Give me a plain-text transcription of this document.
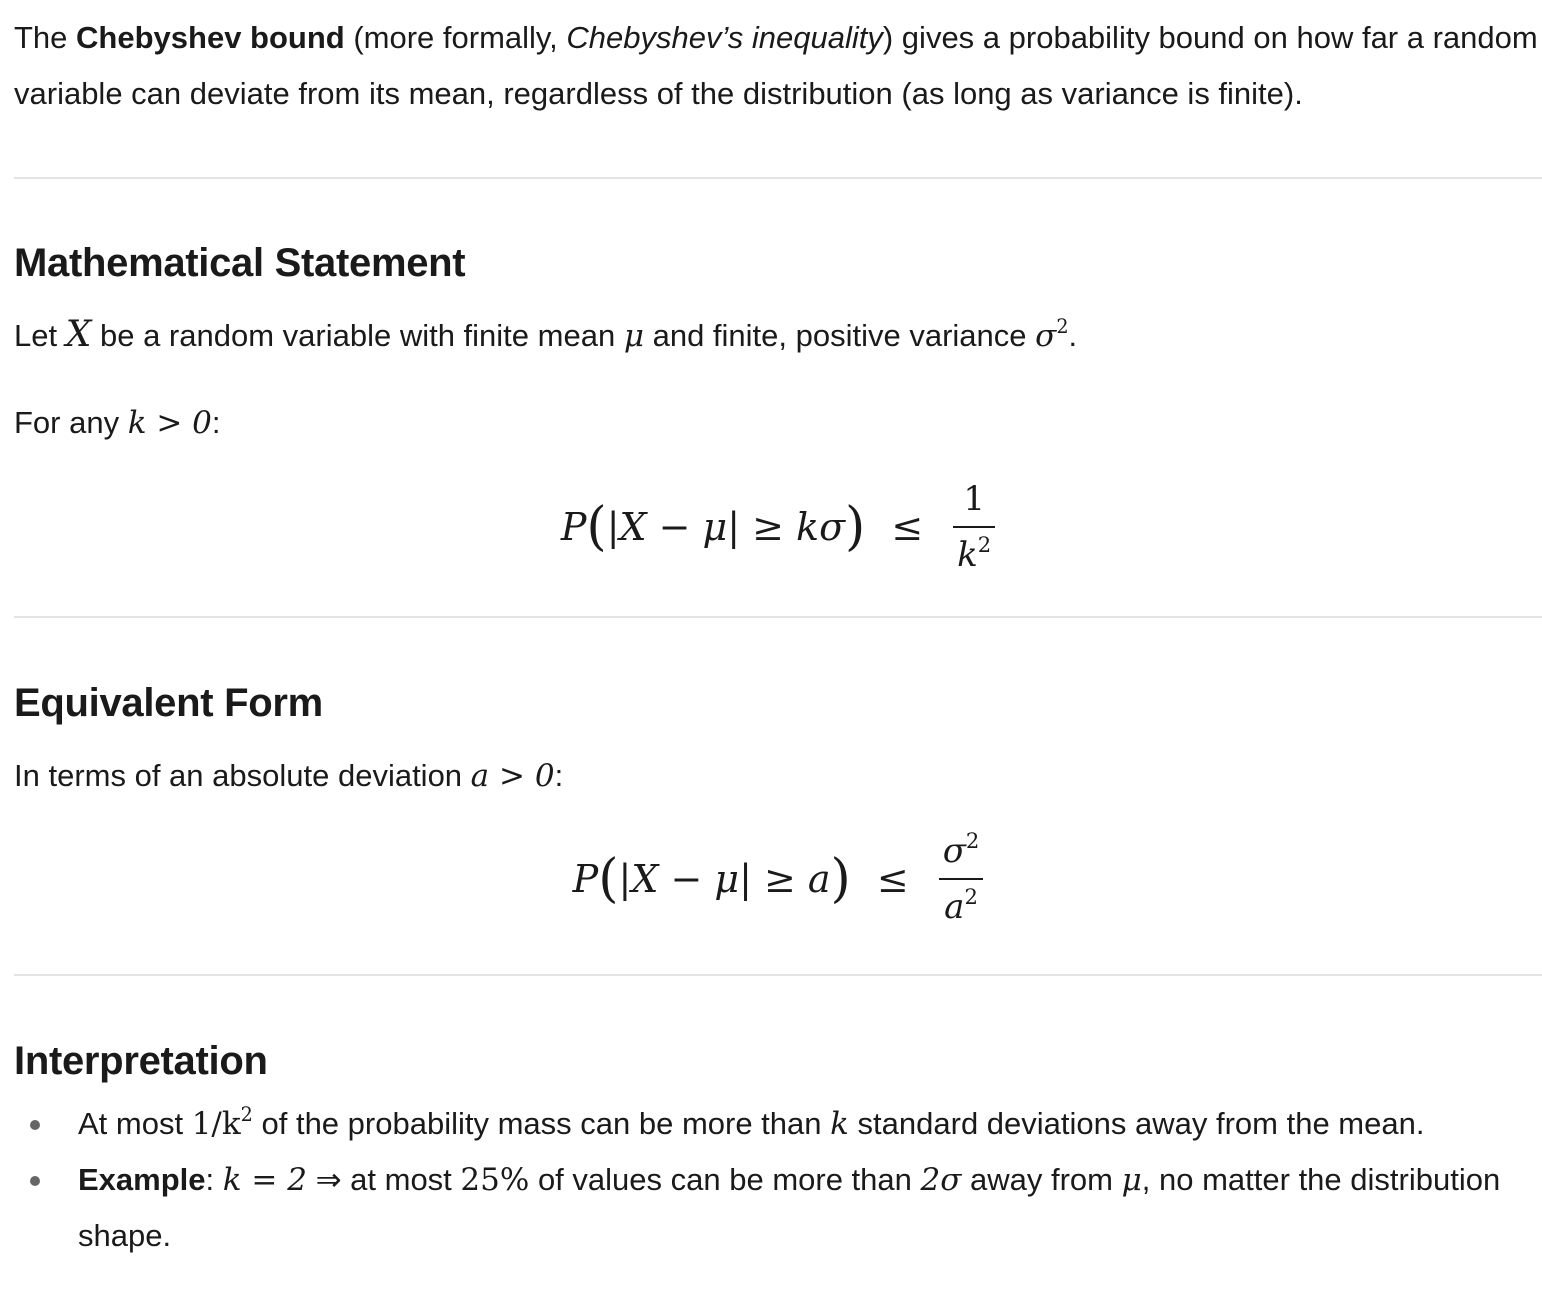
The Chebyshev bound (more formally, Chebyshev’s inequality) gives a probability bound on how far a random variable can deviate from its mean, regardless of the distribution (as long as variance is finite).

Mathematical Statement

Let X be a random variable with finite mean μ and finite, positive variance $\sigma^2$.

For any k > 0:

P ( |X − μ| ≥ kσ ) ≤ $\frac{1}{k^2}$
Equivalent Form

In terms of an absolute deviation a > 0:

P ( |X − μ| ≥ a ) ≤ $\frac{\sigma^2}{a^2}$
Interpretation
At most $1/k^2$ of the probability mass can be more than k standard deviations away from the mean.
Example: k = 2 ⇒ at most 25% of values can be more than 2σ away from μ, no matter the distribution shape.
